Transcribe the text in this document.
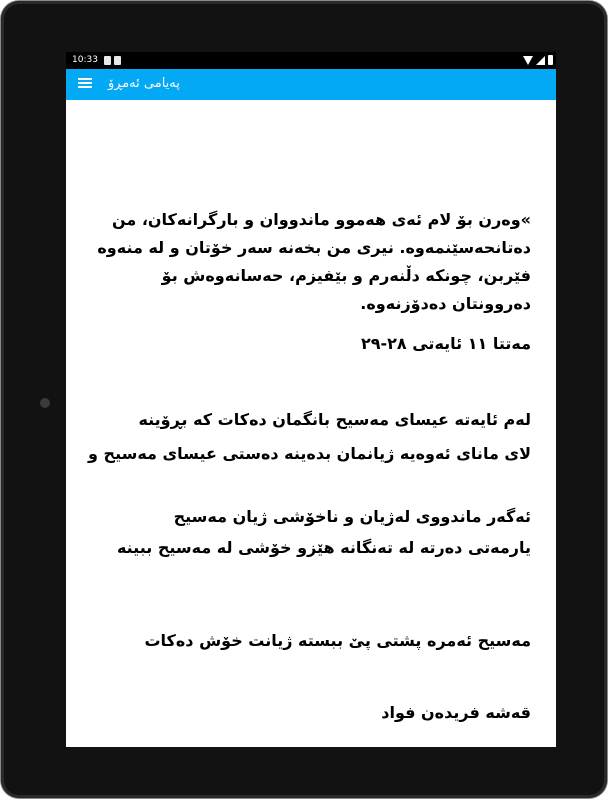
10:33
پەیامی ئەمڕۆ

»وەرن بۆ لام ئەی هەموو ماندووان و بارگرانەکان، من دەتانحەسێنمەوە. نیری من بخەنە سەر خۆتان و لە منەوە فێربن، چونکە دڵنەرم و بێفیزم، حەسانەوەش بۆ دەروونتان دەدۆزنەوە.

مەتتا ١١ ئایەتی ٢٨-٢٩

لەم ئایەتە عیسای مەسیح بانگمان دەکات کە بڕۆینە

لای مانای ئەوەیە ژیانمان بدەینە دەستی عیسای مەسیح و

ئەگەر ماندووی لەژیان و ناخۆشی ژیان مەسیح

یارمەتی دەرتە لە تەنگانە هێزو خۆشی لە مەسیح ببینە

مەسیح ئەمرە پشتی پێ ببستە ژیانت خۆش دەکات

قەشە فریدەن فواد
